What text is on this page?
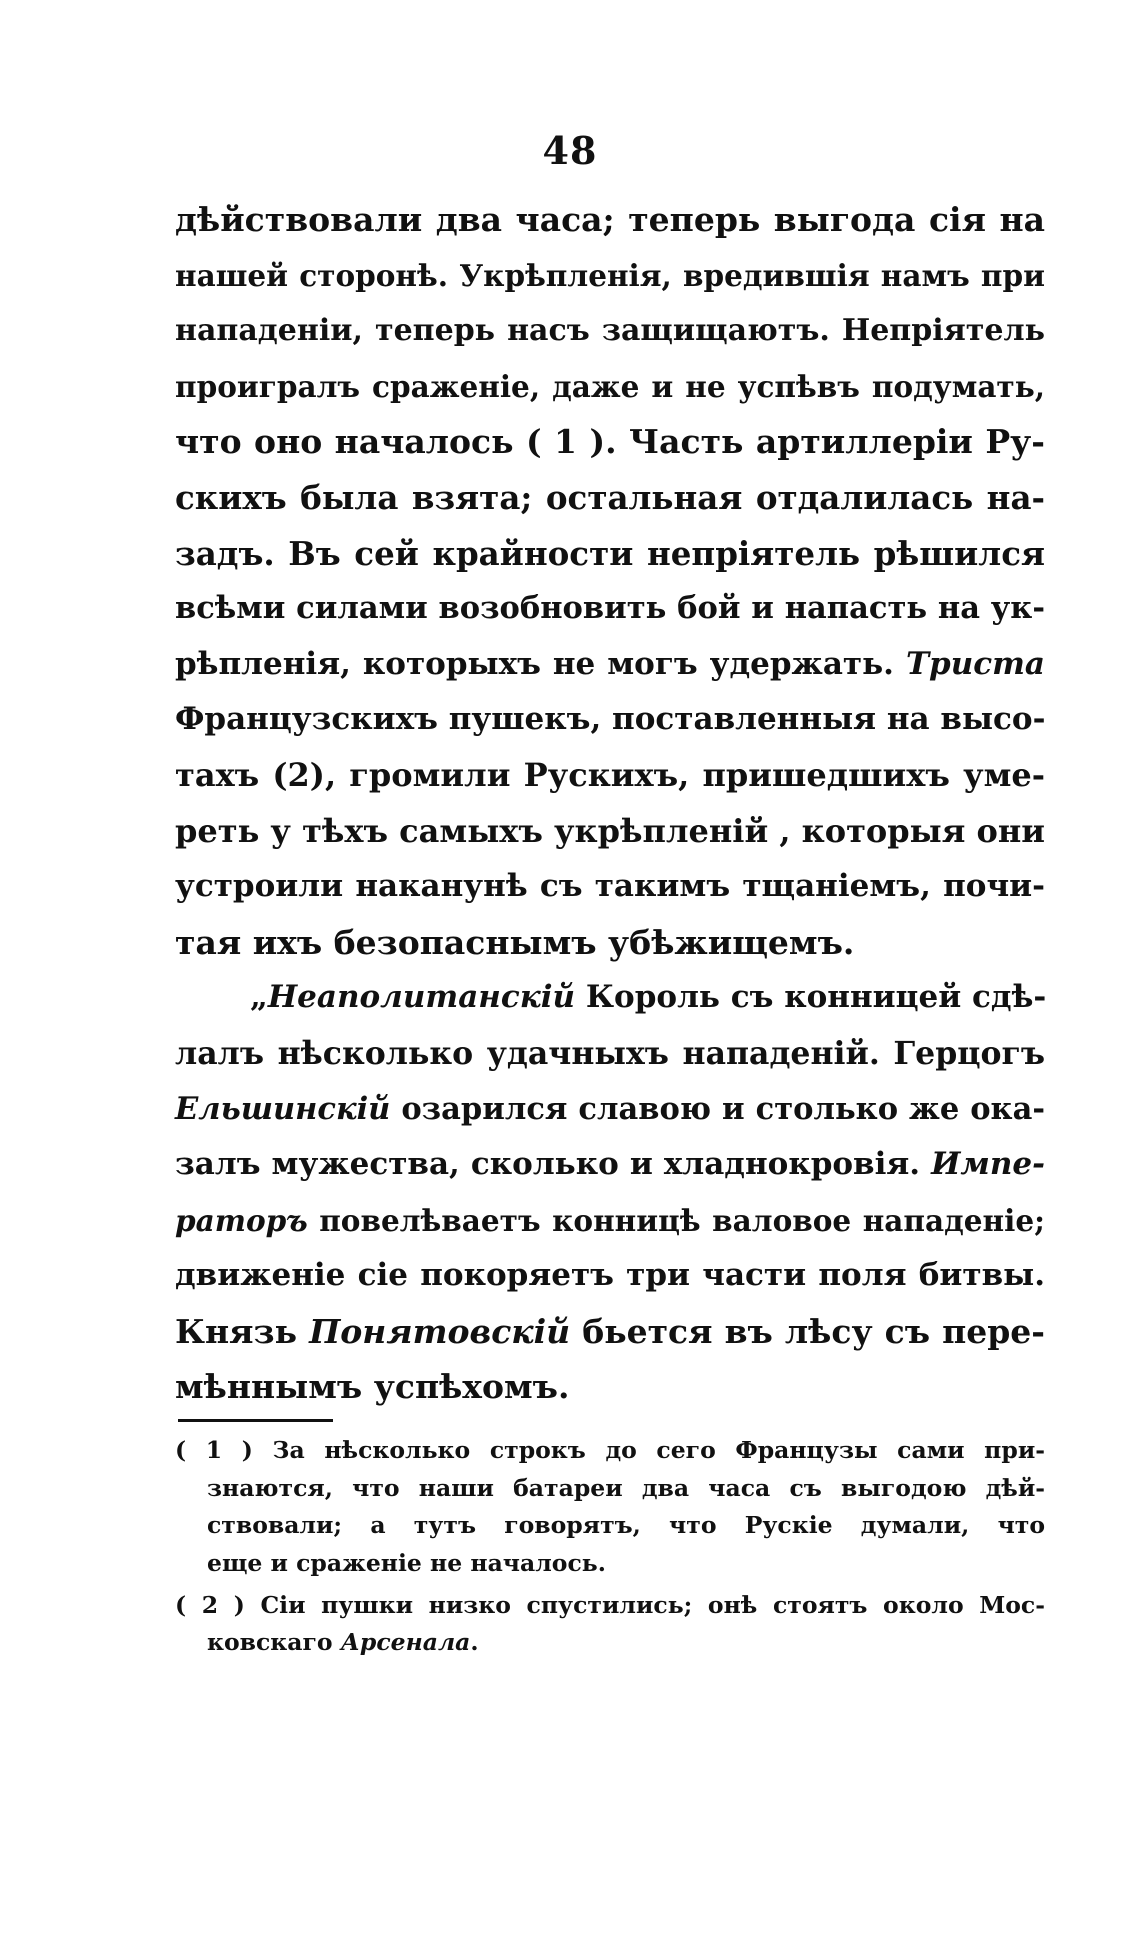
48
дѣйствовали два часа; теперь выгода сія на
нашей сторонѣ. Укрѣпленія, вредившія намъ при
нападеніи, теперь насъ защищаютъ. Непріятель
проигралъ сраженіе, даже и не успѣвъ подумать,
что оно началось ( 1 ). Часть артиллеріи Ру-
скихъ была взята; остальная отдалилась на-
задъ. Въ сей крайности непріятель рѣшился
всѣми силами возобновить бой и напасть на ук-
рѣпленія, которыхъ не могъ удержать. Триста
Французскихъ пушекъ, поставленныя на высо-
тахъ (2), громили Рускихъ, пришедшихъ уме-
реть у тѣхъ самыхъ укрѣпленій , которыя они
устроили наканунѣ съ такимъ тщаніемъ, почи-
тая ихъ безопаснымъ убѣжищемъ.
„Неаполитанскій Король съ конницей сдѣ-
лалъ нѣсколько удачныхъ нападеній. Герцогъ
Ельшинскій озарился славою и столько же ока-
залъ мужества, сколько и хладнокровія. Импе-
раторъ повелѣваетъ конницѣ валовое нападеніе;
движеніе сіе покоряетъ три части поля битвы.
Князь Понятовскій бьется въ лѣсу съ пере-
мѣннымъ успѣхомъ.
( 1 ) За нѣсколько строкъ до сего Французы сами при-
знаются, что наши батареи два часа съ выгодою дѣй-
ствовали; а тутъ говорятъ, что Рускіе думали, что
еще и сраженіе не началось.
( 2 ) Сіи пушки низко спустились; онѣ стоятъ около Мос-
ковскаго Арсенала.
